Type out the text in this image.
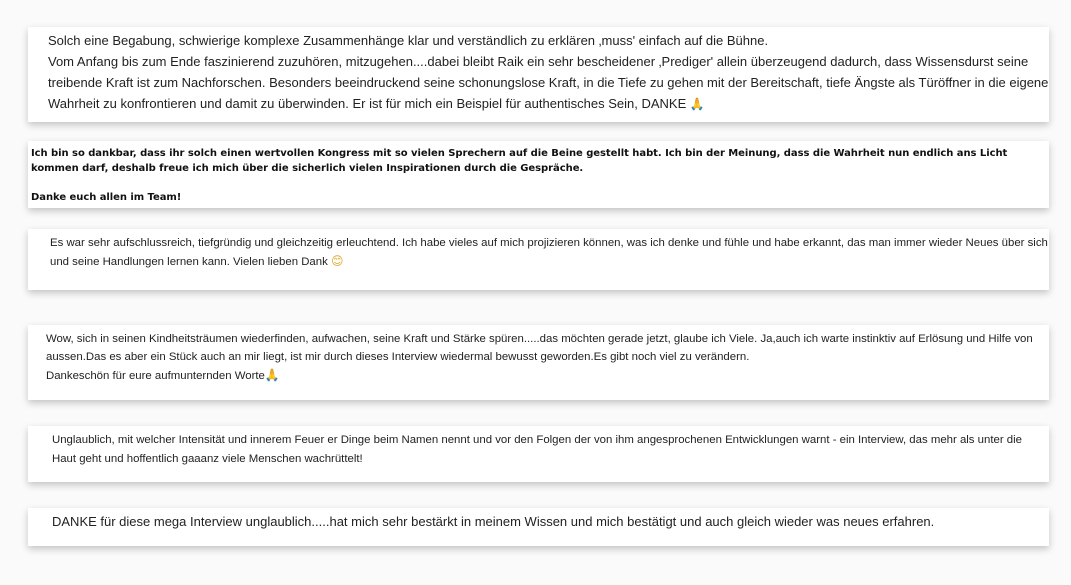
Solch eine Begabung, schwierige komplexe Zusammenhänge klar und verständlich zu erklären ‚muss' einfach auf die Bühne.

Vom Anfang bis zum Ende faszinierend zuzuhören, mitzugehen....dabei bleibt Raik ein sehr bescheidener ‚Prediger' allein überzeugend dadurch, dass Wissensdurst seine treibende Kraft ist zum Nachforschen. Besonders beeindruckend seine schonungslose Kraft, in die Tiefe zu gehen mit der Bereitschaft, tiefe Ängste als Türöffner in die eigene Wahrheit zu konfrontieren und damit zu überwinden. Er ist für mich ein Beispiel für authentisches Sein, DANKE 🙏

Ich bin so dankbar, dass ihr solch einen wertvollen Kongress mit so vielen Sprechern auf die Beine gestellt habt. Ich bin der Meinung, dass die Wahrheit nun endlich ans Licht kommen darf, deshalb freue ich mich über die sicherlich vielen Inspirationen durch die Gespräche.

Danke euch allen im Team!

Es war sehr aufschlussreich, tiefgründig und gleichzeitig erleuchtend. Ich habe vieles auf mich projizieren können, was ich denke und fühle und habe erkannt, das man immer wieder Neues über sich und seine Handlungen lernen kann. Vielen lieben Dank 😊

Wow, sich in seinen Kindheitsträumen wiederfinden, aufwachen, seine Kraft und Stärke spüren.....das möchten gerade jetzt, glaube ich Viele. Ja,auch ich warte instinktiv auf Erlösung und Hilfe von aussen.Das es aber ein Stück auch an mir liegt, ist mir durch dieses Interview wiedermal bewusst geworden.Es gibt noch viel zu verändern.

Dankeschön für eure aufmunternden Worte🙏

Unglaublich, mit welcher Intensität und innerem Feuer er Dinge beim Namen nennt und vor den Folgen der von ihm angesprochenen Entwicklungen warnt - ein Interview, das mehr als unter die Haut geht und hoffentlich gaaanz viele Menschen wachrüttelt!

DANKE für diese mega Interview unglaublich.....hat mich sehr bestärkt in meinem Wissen und mich bestätigt und auch gleich wieder was neues erfahren.
